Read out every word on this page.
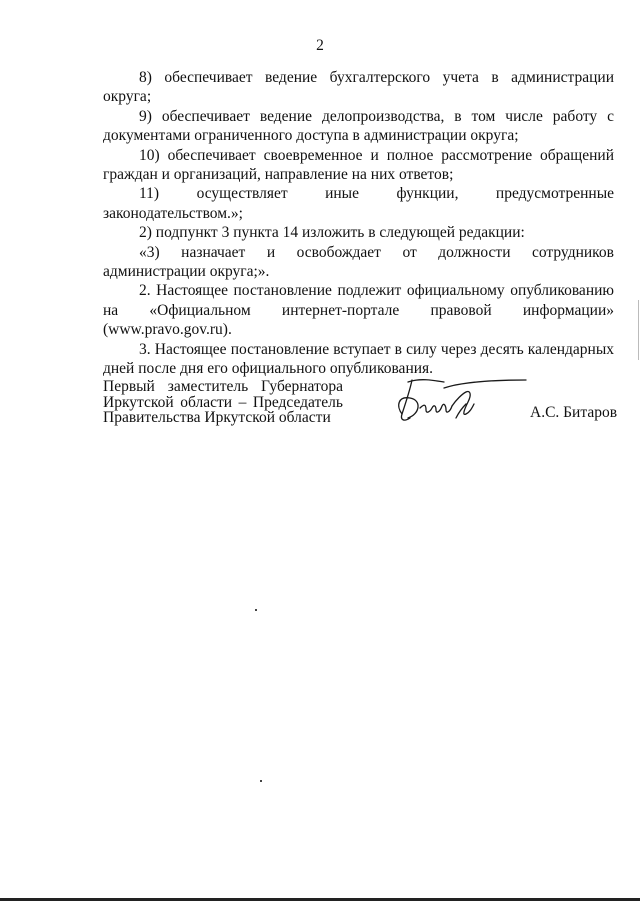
2

8) обеспечивает ведение бухгалтерского учета в администрации округа;

9) обеспечивает ведение делопроизводства, в том числе работу с документами ограниченного доступа в администрации округа;

10) обеспечивает своевременное и полное рассмотрение обращений граждан и организаций, направление на них ответов;

11) осуществляет иные функции, предусмотренные
законодательством.»;

2) подпункт 3 пункта 14 изложить в следующей редакции:

«3) назначает и освобождает от должности сотрудников администрации округа;».

2. Настоящее постановление подлежит официальному опубликованию на «Официальном интернет-портале правовой информации» (www.pravo.gov.ru).

3. Настоящее постановление вступает в силу через десять календарных дней после дня его официального опубликования.

Первый заместитель Губернатора
Иркутской области – Председатель
Правительства Иркутской области	А.С. Битаров
